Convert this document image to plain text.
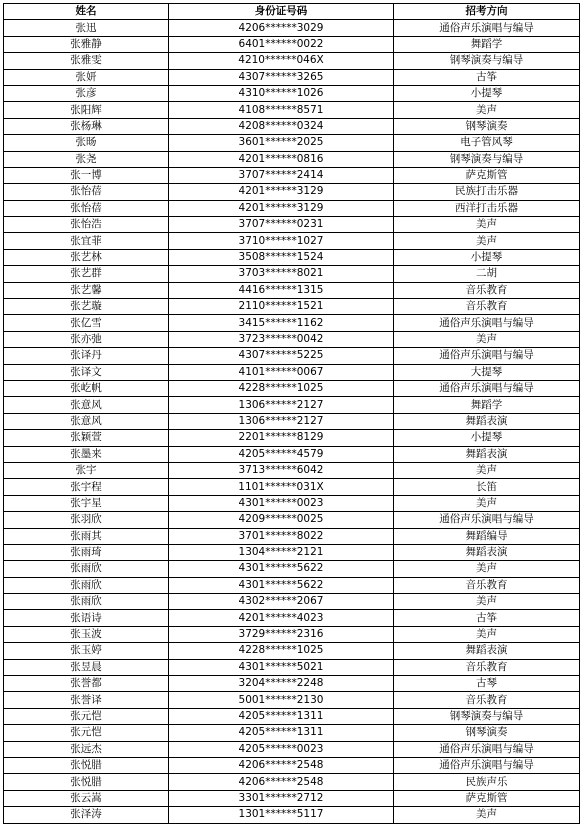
姓名	身份证号码	招考方向
张迅	4206******3029	通俗声乐演唱与编导
张雅静	6401******0022	舞蹈学
张雅雯	4210******046X	钢琴演奏与编导
张妍	4307******3265	古筝
张彦	4310******1026	小提琴
张阳辉	4108******8571	美声
张杨琳	4208******0324	钢琴演奏
张旸	3601******2025	电子管风琴
张尧	4201******0816	钢琴演奏与编导
张一博	3707******2414	萨克斯管
张怡蓓	4201******3129	民族打击乐器
张怡蓓	4201******3129	西洋打击乐器
张怡浩	3707******0231	美声
张宜菲	3710******1027	美声
张艺林	3508******1524	小提琴
张艺群	3703******8021	二胡
张艺馨	4416******1315	音乐教育
张艺璇	2110******1521	音乐教育
张亿雪	3415******1162	通俗声乐演唱与编导
张亦弛	3723******0042	美声
张译丹	4307******5225	通俗声乐演唱与编导
张译文	4101******0067	大提琴
张屹帆	4228******1025	通俗声乐演唱与编导
张意风	1306******2127	舞蹈学
张意风	1306******2127	舞蹈表演
张颖萱	2201******8129	小提琴
张墨来	4205******4579	舞蹈表演
张宇	3713******6042	美声
张宇程	1101******031X	长笛
张宇星	4301******0023	美声
张羽欣	4209******0025	通俗声乐演唱与编导
张雨其	3701******8022	舞蹈编导
张雨琦	1304******2121	舞蹈表演
张雨欣	4301******5622	美声
张雨欣	4301******5622	音乐教育
张雨欣	4302******2067	美声
张语诗	4201******4023	古筝
张玉波	3729******2316	美声
张玉婷	4228******1025	舞蹈表演
张昱晨	4301******5021	音乐教育
张誉都	3204******2248	古琴
张誉译	5001******2130	音乐教育
张元恺	4205******1311	钢琴演奏与编导
张元恺	4205******1311	钢琴演奏
张远杰	4205******0023	通俗声乐演唱与编导
张悦腊	4206******2548	通俗声乐演唱与编导
张悦腊	4206******2548	民族声乐
张云嵩	3301******2712	萨克斯管
张泽涛	1301******5117	美声
